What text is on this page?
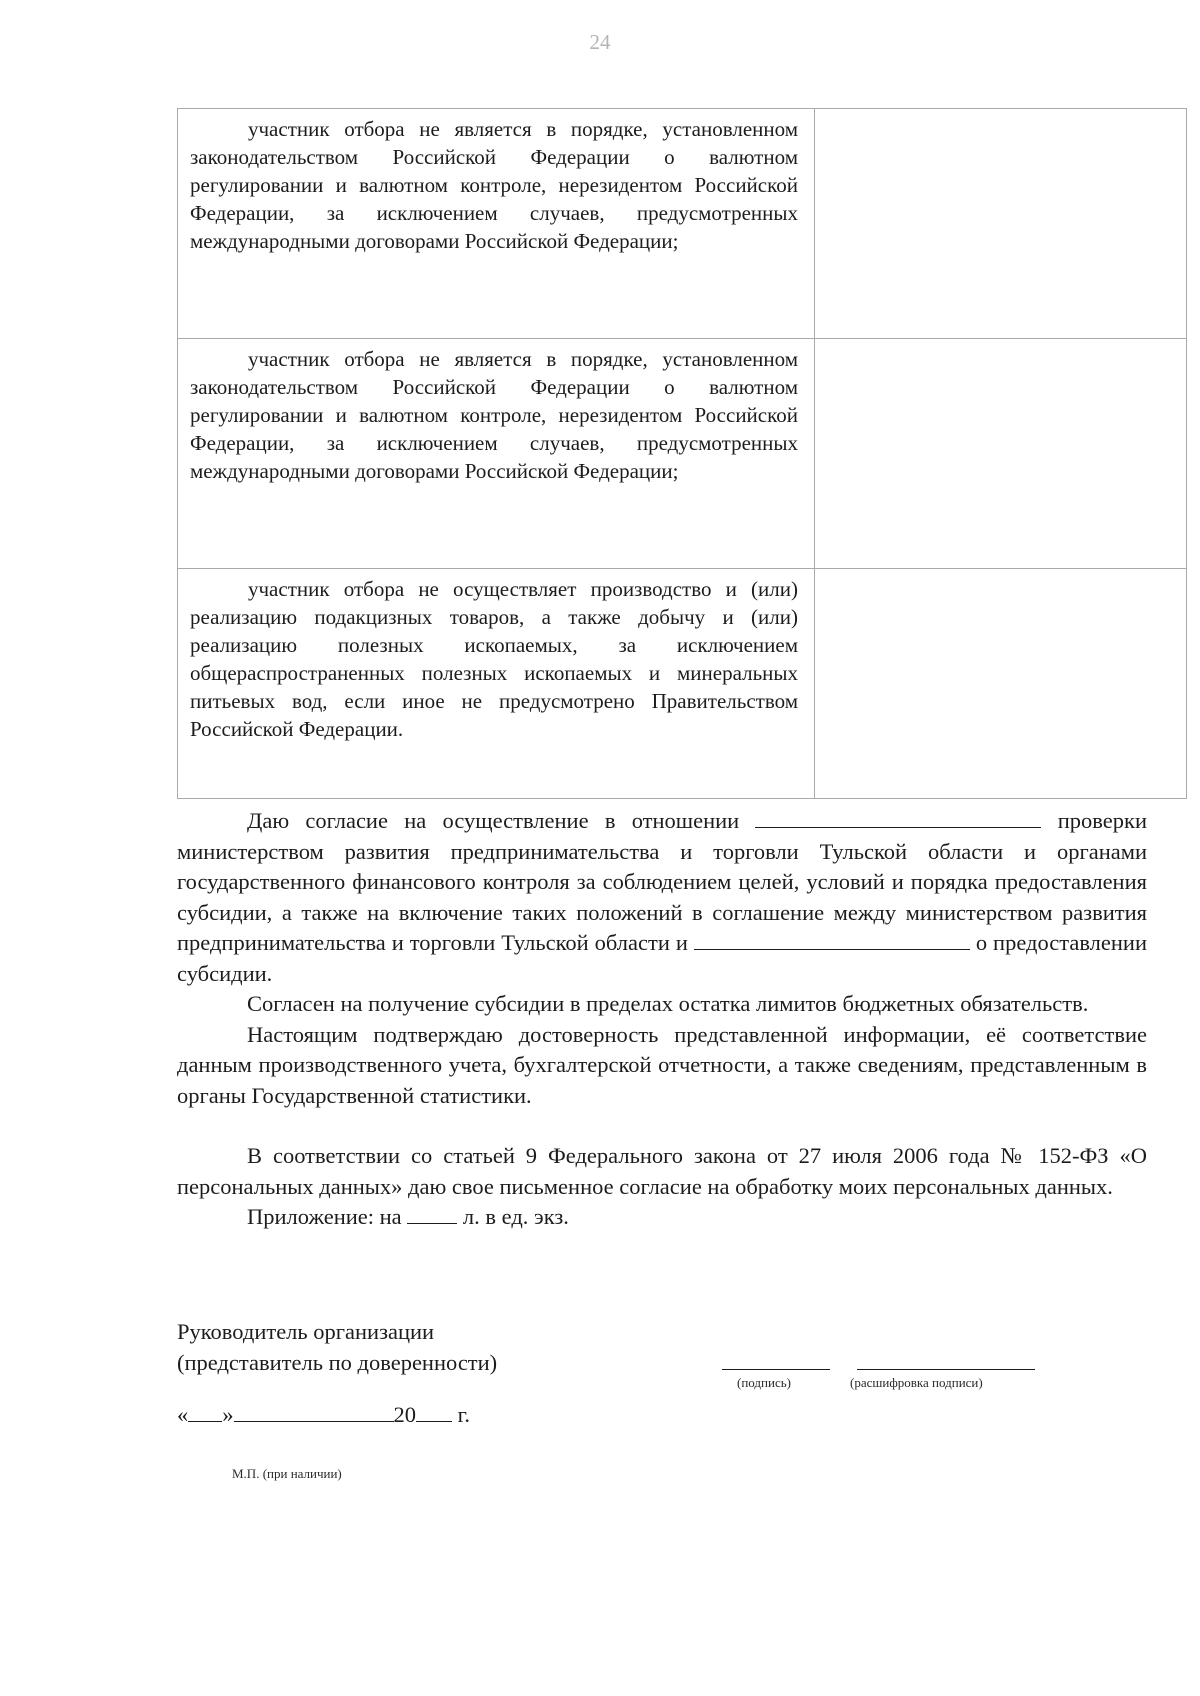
24

участник отбора не является в порядке, установленном законодательством Российской Федерации о валютном регулировании и валютном контроле, нерезидентом Российской Федерации, за исключением случаев, предусмотренных международными договорами Российской Федерации;	

участник отбора не является в порядке, установленном законодательством Российской Федерации о валютном регулировании и валютном контроле, нерезидентом Российской Федерации, за исключением случаев, предусмотренных международными договорами Российской Федерации;	

участник отбора не осуществляет производство и (или) реализацию подакцизных товаров, а также добычу и (или) реализацию полезных ископаемых, за исключением общераспространенных полезных ископаемых и минеральных питьевых вод, если иное не предусмотрено Правительством Российской Федерации.	

Даю согласие на осуществление в отношении	проверки министерством развития предпринимательства и торговли Тульской области и органами государственного финансового контроля за соблюдением целей, условий и порядка предоставления субсидии, а также на включение таких положений в соглашение между министерством развития предпринимательства и торговли Тульской области и	о предоставлении субсидии.

Согласен на получение субсидии в пределах остатка лимитов бюджетных обязательств.

Настоящим подтверждаю достоверность представленной информации, её соответствие данным производственного учета, бухгалтерской отчетности, а также сведениям, представленным в органы Государственной статистики.

В соответствии со статьей 9 Федерального закона от 27 июля 2006 года № 152-ФЗ «О персональных данных» даю свое письменное согласие на обработку моих персональных данных.

Приложение: на	л. в ед. экз.

Руководитель организации

(представитель по доверенности)

« »	20 г.

(подпись)	(расшифровка подписи)
М.П. (при наличии)
